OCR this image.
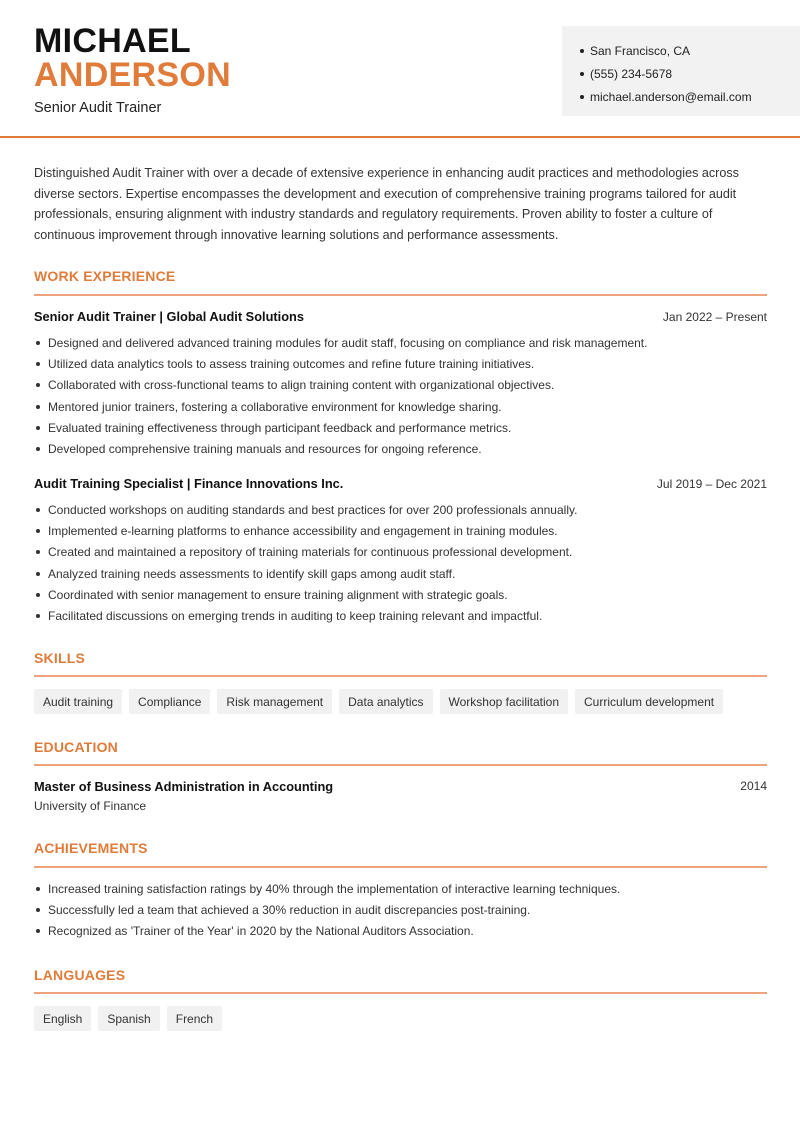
MICHAEL
ANDERSON
Senior Audit Trainer
San Francisco, CA
(555) 234-5678
michael.anderson@email.com

Distinguished Audit Trainer with over a decade of extensive experience in enhancing audit practices and methodologies across diverse sectors. Expertise encompasses the development and execution of comprehensive training programs tailored for audit professionals, ensuring alignment with industry standards and regulatory requirements. Proven ability to foster a culture of continuous improvement through innovative learning solutions and performance assessments.

WORK EXPERIENCE
Senior Audit Trainer | Global Audit Solutions	Jan 2022 – Present
Designed and delivered advanced training modules for audit staff, focusing on compliance and risk management.
Utilized data analytics tools to assess training outcomes and refine future training initiatives.
Collaborated with cross-functional teams to align training content with organizational objectives.
Mentored junior trainers, fostering a collaborative environment for knowledge sharing.
Evaluated training effectiveness through participant feedback and performance metrics.
Developed comprehensive training manuals and resources for ongoing reference.
Audit Training Specialist | Finance Innovations Inc.	Jul 2019 – Dec 2021
Conducted workshops on auditing standards and best practices for over 200 professionals annually.
Implemented e-learning platforms to enhance accessibility and engagement in training modules.
Created and maintained a repository of training materials for continuous professional development.
Analyzed training needs assessments to identify skill gaps among audit staff.
Coordinated with senior management to ensure training alignment with strategic goals.
Facilitated discussions on emerging trends in auditing to keep training relevant and impactful.
SKILLS
Audit training	Compliance	Risk management	Data analytics	Workshop facilitation	Curriculum development
EDUCATION
Master of Business Administration in Accounting	2014
University of Finance
ACHIEVEMENTS
Increased training satisfaction ratings by 40% through the implementation of interactive learning techniques.
Successfully led a team that achieved a 30% reduction in audit discrepancies post-training.
Recognized as 'Trainer of the Year' in 2020 by the National Auditors Association.
LANGUAGES
English	Spanish	French
